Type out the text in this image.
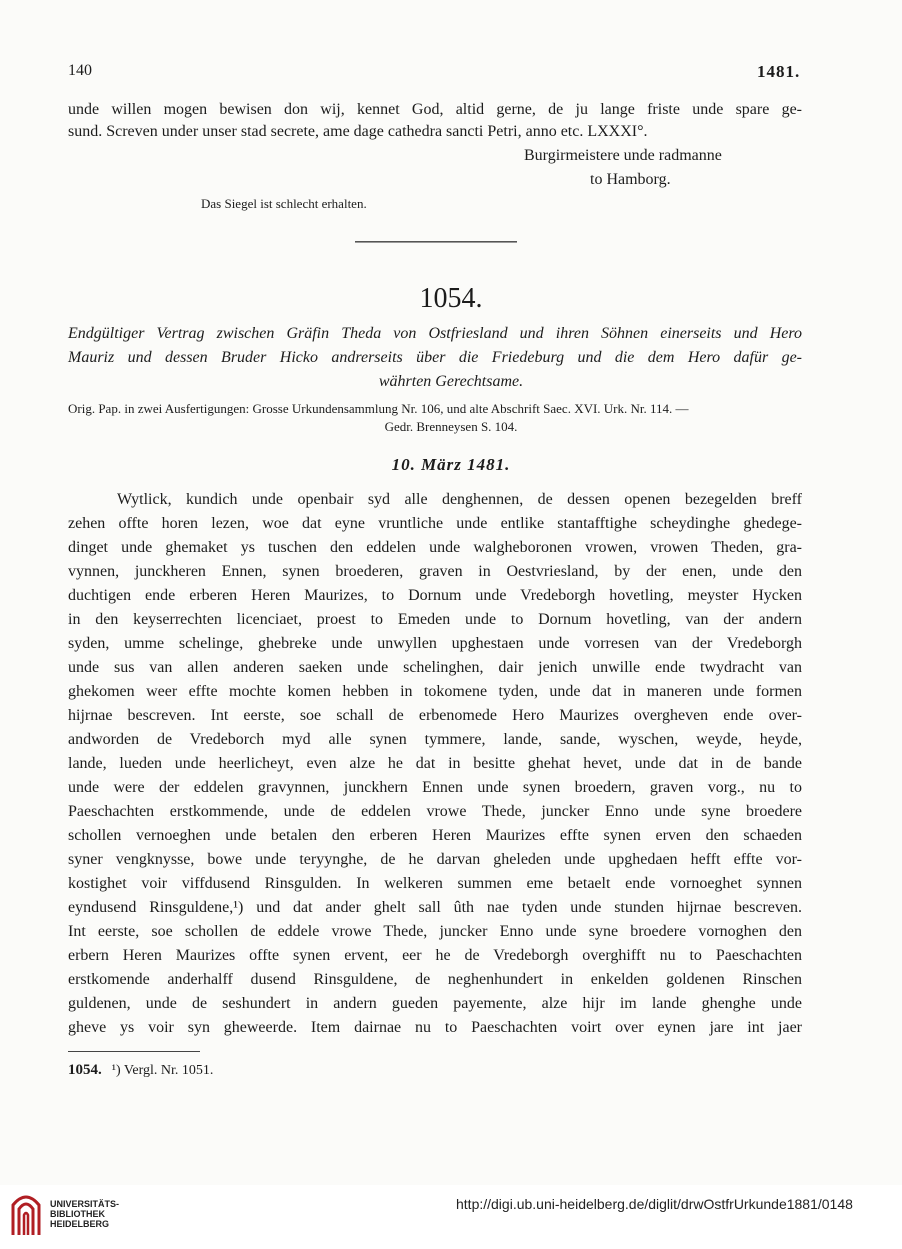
140	1481.
unde willen mogen bewisen don wij, kennet God, altid gerne, de ju lange friste unde spare ge-
sund. Screven under unser stad secrete, ame dage cathedra sancti Petri, anno etc. LXXXI°.
Burgirmeistere unde radmanne
to Hamborg.
Das Siegel ist schlecht erhalten.
1054.
Endgültiger Vertrag zwischen Gräfin Theda von Ostfriesland und ihren Söhnen einerseits und Hero
Mauriz und dessen Bruder Hicko andrerseits über die Friedeburg und die dem Hero dafür ge-
währten Gerechtsame.
Orig. Pap. in zwei Ausfertigungen: Grosse Urkundensammlung Nr. 106, und alte Abschrift Saec. XVI. Urk. Nr. 114. —
Gedr. Brenneysen S. 104.
10. März 1481.
Wytlick, kundich unde openbair syd alle denghennen, de dessen openen bezegelden breff
zehen offte horen lezen, woe dat eyne vruntliche unde entlike stantafftighe scheydinghe ghedege-
dinget unde ghemaket ys tuschen den eddelen unde walgheboronen vrowen, vrowen Theden, gra-
vynnen, junckheren Ennen, synen broederen, graven in Oestvriesland, by der enen, unde den
duchtigen ende erberen Heren Maurizes, to Dornum unde Vredeborgh hovetling, meyster Hycken
in den keyserrechten licenciaet, proest to Emeden unde to Dornum hovetling, van der andern
syden, umme schelinge, ghebreke unde unwyllen upghestaen unde vorresen van der Vredeborgh
unde sus van allen anderen saeken unde schelinghen, dair jenich unwille ende twydracht van
ghekomen weer effte mochte komen hebben in tokomene tyden, unde dat in maneren unde formen
hijrnae bescreven. Int eerste, soe schall de erbenomede Hero Maurizes overgheven ende over-
andworden de Vredeborch myd alle synen tymmere, lande, sande, wyschen, weyde, heyde,
lande, lueden unde heerlicheyt, even alze he dat in besitte ghehat hevet, unde dat in de bande
unde were der eddelen gravynnen, junckhern Ennen unde synen broedern, graven vorg., nu to
Paeschachten erstkommende, unde de eddelen vrowe Thede, juncker Enno unde syne broedere
schollen vernoeghen unde betalen den erberen Heren Maurizes effte synen erven den schaeden
syner vengknysse, bowe unde teryynghe, de he darvan gheleden unde upghedaen hefft effte vor-
kostighet voir viffdusend Rinsgulden. In welkeren summen eme betaelt ende vornoeghet synnen
eyndusend Rinsguldene,¹) und dat ander ghelt sall ûth nae tyden unde stunden hijrnae bescreven.
Int eerste, soe schollen de eddele vrowe Thede, juncker Enno unde syne broedere vornoghen den
erbern Heren Maurizes offte synen ervent, eer he de Vredeborgh overghifft nu to Paeschachten
erstkomende anderhalff dusend Rinsguldene, de neghenhundert in enkelden goldenen Rinschen
guldenen, unde de seshundert in andern gueden payemente, alze hijr im lande ghenghe unde
gheve ys voir syn gheweerde. Item dairnae nu to Paeschachten voirt over eynen jare int jaer
1054. ¹) Vergl. Nr. 1051.
UNIVERSITÄTS-
BIBLIOTHEK
HEIDELBERG
http://digi.ub.uni-heidelberg.de/diglit/drwOstfrUrkunde1881/0148
